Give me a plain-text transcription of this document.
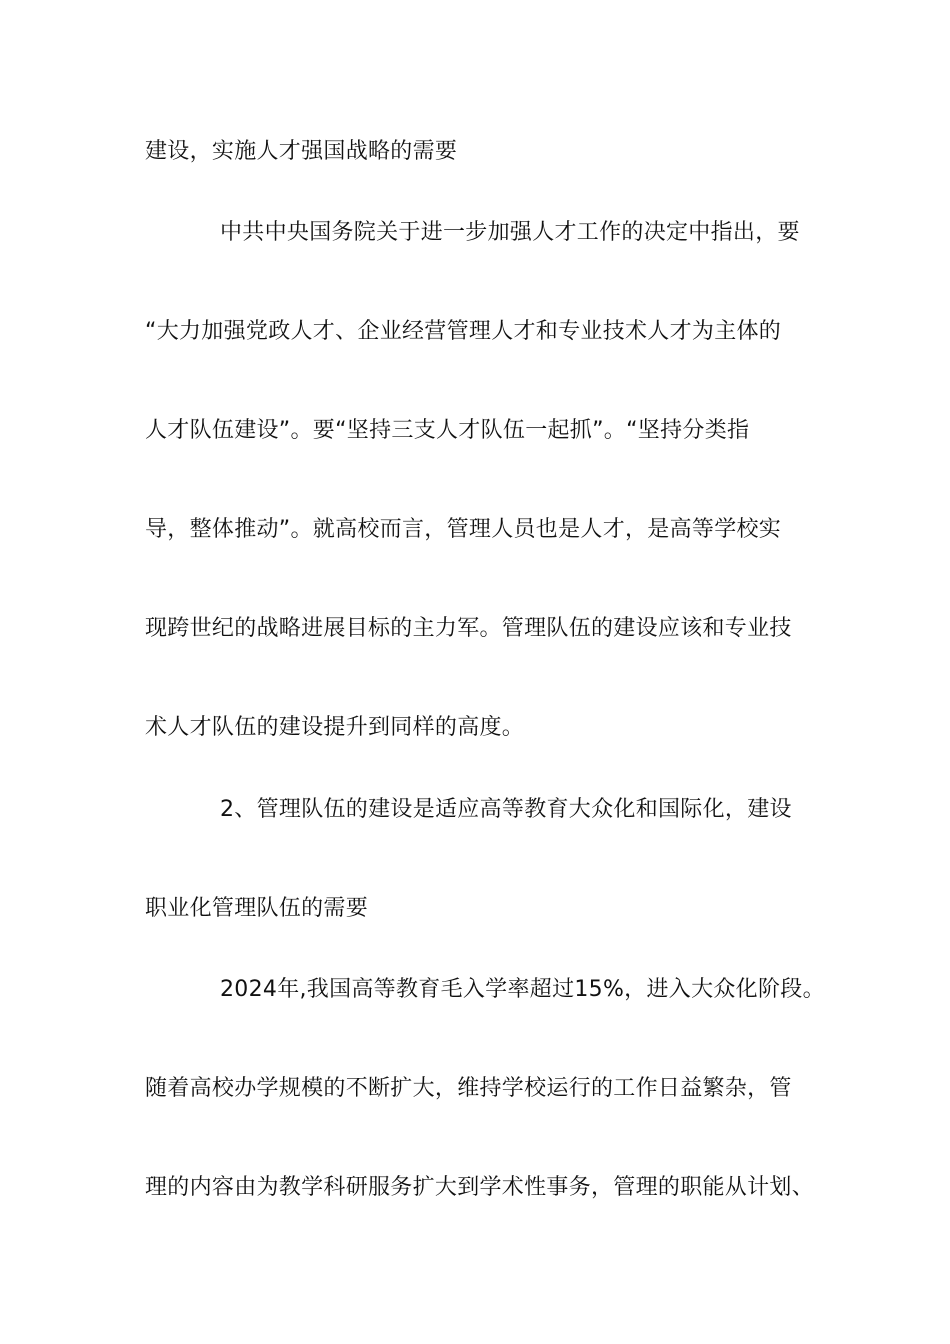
建设，实施人才强国战略的需要
中共中央国务院关于进一步加强人才工作的决定中指出，要
“大力加强党政人才、企业经营管理人才和专业技术人才为主体的
人才队伍建设”。要“坚持三支人才队伍一起抓”。“坚持分类指
导，整体推动”。就高校而言，管理人员也是人才，是高等学校实
现跨世纪的战略进展目标的主力军。管理队伍的建设应该和专业技
术人才队伍的建设提升到同样的高度。
2、管理队伍的建设是适应高等教育大众化和国际化，建设
职业化管理队伍的需要
2024年,我国高等教育毛入学率超过15%，进入大众化阶段。
随着高校办学规模的不断扩大，维持学校运行的工作日益繁杂，管
理的内容由为教学科研服务扩大到学术性事务，管理的职能从计划、
